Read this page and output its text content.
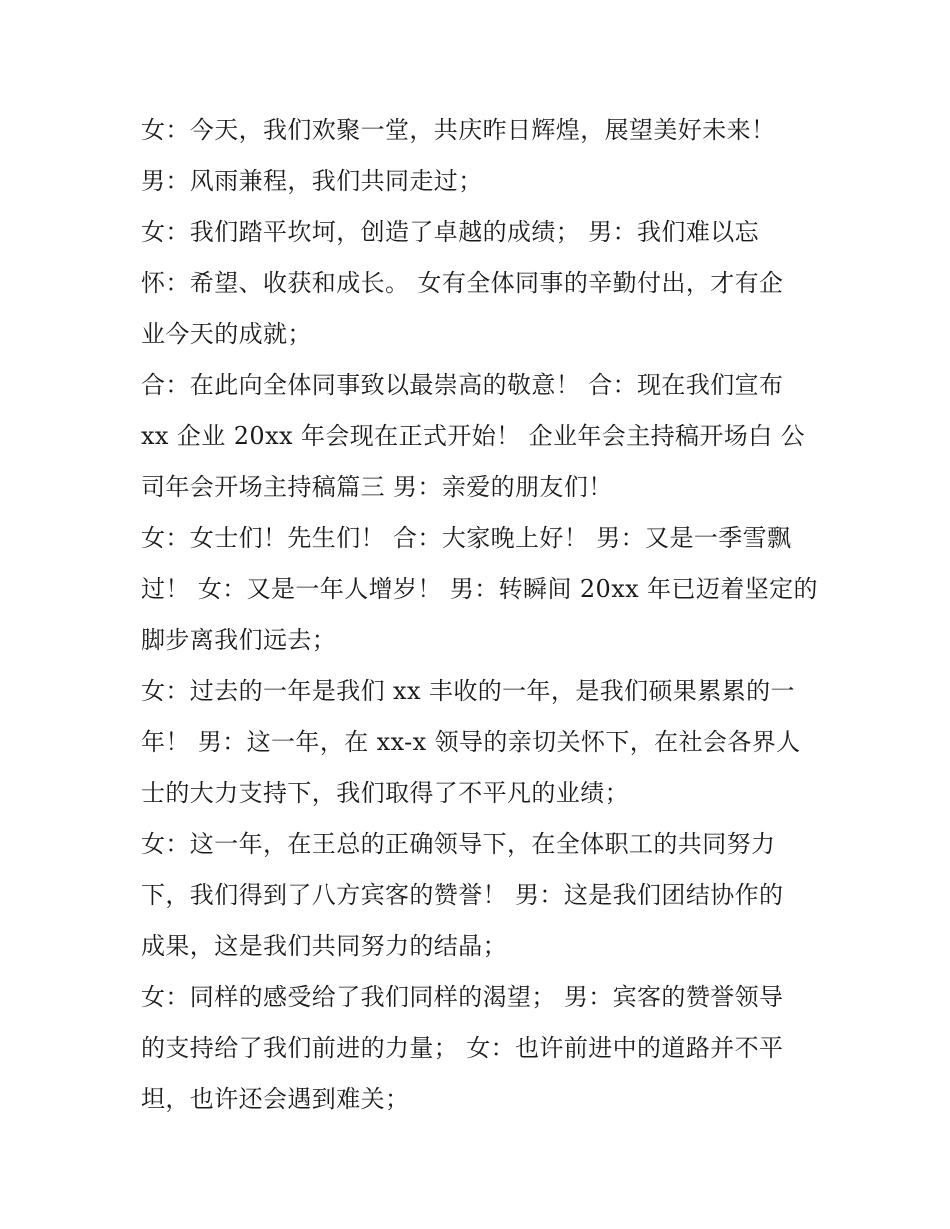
女：今天，我们欢聚一堂，共庆昨日辉煌，展望美好未来！
男：风雨兼程，我们共同走过；
女：我们踏平坎坷，创造了卓越的成绩； 男：我们难以忘
怀：希望、收获和成长。 女有全体同事的辛勤付出，才有企
业今天的成就；
合：在此向全体同事致以最崇高的敬意！ 合：现在我们宣布
xx 企业 20xx 年会现在正式开始！ 企业年会主持稿开场白 公
司年会开场主持稿篇三 男：亲爱的朋友们！
女：女士们！先生们！ 合：大家晚上好！ 男：又是一季雪飘
过！ 女：又是一年人增岁！ 男：转瞬间 20xx 年已迈着坚定的
脚步离我们远去；
女：过去的一年是我们 xx 丰收的一年，是我们硕果累累的一
年！ 男：这一年，在 xx-x 领导的亲切关怀下，在社会各界人
士的大力支持下，我们取得了不平凡的业绩；
女：这一年，在王总的正确领导下，在全体职工的共同努力
下，我们得到了八方宾客的赞誉！ 男：这是我们团结协作的
成果，这是我们共同努力的结晶；
女：同样的感受给了我们同样的渴望； 男：宾客的赞誉领导
的支持给了我们前进的力量； 女：也许前进中的道路并不平
坦，也许还会遇到难关；
